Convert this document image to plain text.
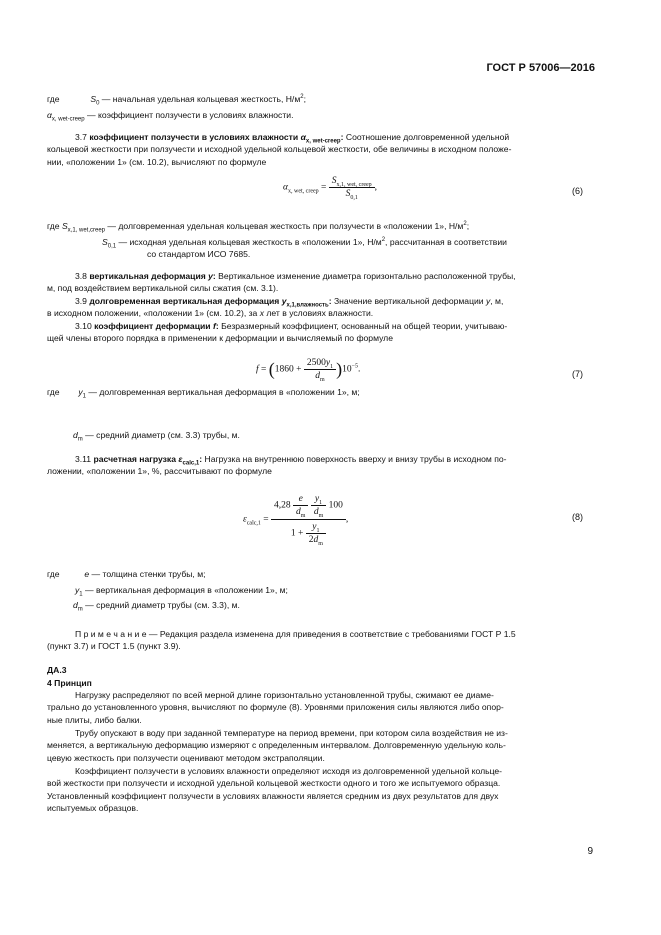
ГОСТ Р 57006—2016
где	$S_0$ — начальная удельная кольцевая жесткость, $Н/м^2$;
$\alpha_{x, wet-creep}$ — коэффициент ползучести в условиях влажности.
3.7 коэффициент ползучести в условиях влажности $\alpha_{x, wet-creep}$: Соотношение долговременной удельной
кольцевой жесткости при ползучести и исходной удельной кольцевой жесткости, обе величины в исходном положе-
нии, «положении 1» (см. 10.2), вычисляют по формуле
$\alpha_{x, wet, creep} = \frac{S_{x,1, wet, creep}}{S_{0,1}}$ ,	(6)
где $S_{x,1, wet,creep}$ — долговременная удельная кольцевая жесткость при ползучести в «положении 1», $Н/м^2$;
$S_{0,1}$ — исходная удельная кольцевая жесткость в «положении 1», $Н/м^2$, рассчитанная в соответствии
со стандартом ИСО 7685.
3.8 вертикальная деформация y: Вертикальное изменение диаметра горизонтально расположенной трубы,
м, под воздействием вертикальной силы сжатия (см. 3.1).
3.9 долговременная вертикальная деформация $y_{x,1,влажность}$: Значение вертикальной деформации y, м,
в исходном положении, «положении 1» (см. 10.2), за x лет в условиях влажности.
3.10 коэффициент деформации f: Безразмерный коэффициент, основанный на общей теории, учитываю-
щей члены второго порядка в применении к деформации и вычисляемый по формуле
$f = (1860 + \frac{2500y_1}{d_m} )10^{-5}$.	(7)
где $y_1$ — долговременная вертикальная деформация в «положении 1», м;
$d_m$ — средний диаметр (см. 3.3) трубы, м.
3.11 расчетная нагрузка $\varepsilon_{calc,1}$: Нагрузка на внутреннюю поверхность вверху и внизу трубы в исходном по-
ложении, «положении 1», %, рассчитывают по формуле
$\varepsilon_{calc,1}$ =
$4,28 \frac{e}{d_m}$
$\frac{y_1}{d_m} 100$
$1 + \frac{y_1}{2d_m}$
,	(8)
где	e — толщина стенки трубы, м;
$y_1$ — вертикальная деформация в «положении 1», м;
$d_m$ — средний диаметр трубы (см. 3.3), м.
П р и м е ч а н и е — Редакция раздела изменена для приведения в соответствие с требованиями ГОСТ Р 1.5
(пункт 3.7) и ГОСТ 1.5 (пункт 3.9).
ДА.3
4 Принцип
Нагрузку распределяют по всей мерной длине горизонтально установленной трубы, сжимают ее диаме-
трально до установленного уровня, вычисляют по формуле (8). Уровнями приложения силы являются либо опор-
ные плиты, либо балки.
Трубу опускают в воду при заданной температуре на период времени, при котором сила воздействия не из-
меняется, а вертикальную деформацию измеряют с определенным интервалом. Долговременную удельную коль-
цевую жесткость при ползучести оценивают методом экстраполяции.
Коэффициент ползучести в условиях влажности определяют исходя из долговременной удельной кольце-
вой жесткости при ползучести и исходной удельной кольцевой жесткости одного и того же испытуемого образца.
Установленный коэффициент ползучести в условиях влажности является средним из двух результатов для двух
испытуемых образцов.
9
